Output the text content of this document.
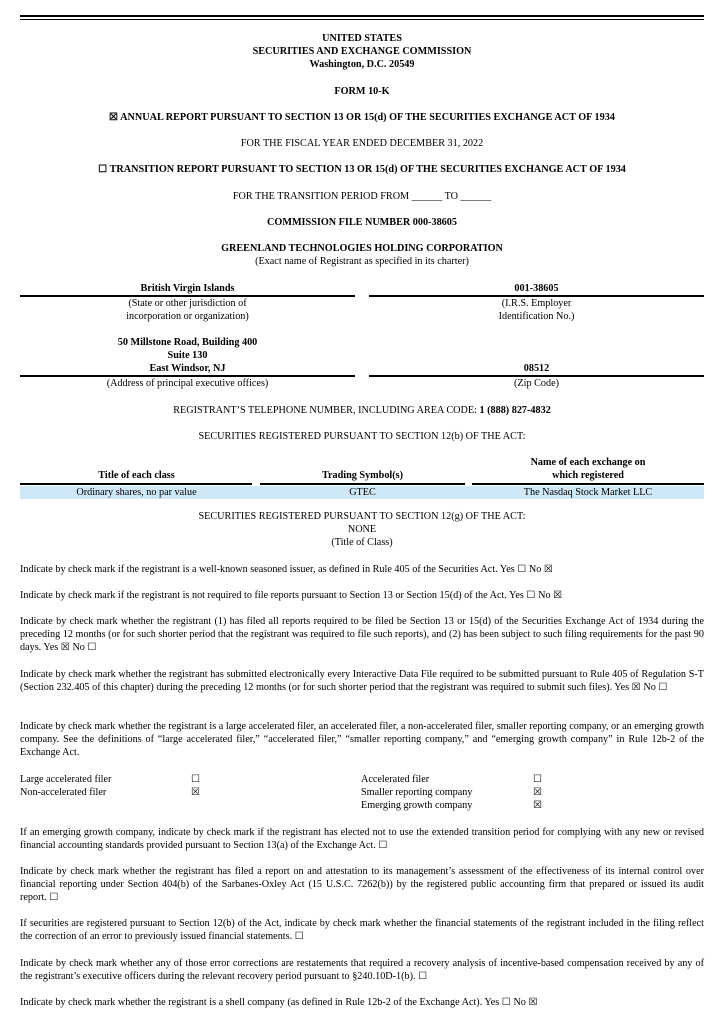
UNITED STATES
SECURITIES AND EXCHANGE COMMISSION
Washington, D.C. 20549
FORM 10-K
☒ ANNUAL REPORT PURSUANT TO SECTION 13 OR 15(d) OF THE SECURITIES EXCHANGE ACT OF 1934
FOR THE FISCAL YEAR ENDED DECEMBER 31, 2022
☐ TRANSITION REPORT PURSUANT TO SECTION 13 OR 15(d) OF THE SECURITIES EXCHANGE ACT OF 1934
FOR THE TRANSITION PERIOD FROM ______ TO ______
COMMISSION FILE NUMBER 000-38605
GREENLAND TECHNOLOGIES HOLDING CORPORATION
(Exact name of Registrant as specified in its charter)
British Virgin Islands
(State or other jurisdiction of
incorporation or organization)
001-38605
(I.R.S. Employer
Identification No.)
50 Millstone Road, Building 400
Suite 130
East Windsor, NJ
(Address of principal executive offices)
08512
(Zip Code)
REGISTRANT’S TELEPHONE NUMBER, INCLUDING AREA CODE: 1 (888) 827-4832
SECURITIES REGISTERED PURSUANT TO SECTION 12(b) OF THE ACT:
Title of each class	Trading Symbol(s)
Name of each exchange on
which registered
Ordinary shares, no par value	GTEC	The Nasdaq Stock Market LLC
SECURITIES REGISTERED PURSUANT TO SECTION 12(g) OF THE ACT:
NONE
(Title of Class)
Indicate by check mark if the registrant is a well-known seasoned issuer, as defined in Rule 405 of the Securities Act. Yes ☐ No ☒
Indicate by check mark if the registrant is not required to file reports pursuant to Section 13 or Section 15(d) of the Act. Yes ☐ No ☒
Indicate by check mark whether the registrant (1) has filed all reports required to be filed be Section 13 or 15(d) of the Securities Exchange Act of 1934 during the preceding 12 months (or for such shorter period that the registrant was required to file such reports), and (2) has been subject to such filing requirements for the past 90 days. Yes ☒ No ☐
Indicate by check mark whether the registrant has submitted electronically every Interactive Data File required to be submitted pursuant to Rule 405 of Regulation S-T (Section 232.405 of this chapter) during the preceding 12 months (or for such shorter period that the registrant was required to submit such files). Yes ☒ No ☐
Indicate by check mark whether the registrant is a large accelerated filer, an accelerated filer, a non-accelerated filer, smaller reporting company, or an emerging growth company. See the definitions of “large accelerated filer,” “accelerated filer,” “smaller reporting company,” and “emerging growth company” in Rule 12b-2 of the Exchange Act.
Large accelerated filer	☐
Non-accelerated filer	☒
Accelerated filer	☐
Smaller reporting company	☒
Emerging growth company	☒
If an emerging growth company, indicate by check mark if the registrant has elected not to use the extended transition period for complying with any new or revised financial accounting standards provided pursuant to Section 13(a) of the Exchange Act. ☐
Indicate by check mark whether the registrant has filed a report on and attestation to its management’s assessment of the effectiveness of its internal control over financial reporting under Section 404(b) of the Sarbanes-Oxley Act (15 U.S.C. 7262(b)) by the registered public accounting firm that prepared or issued its audit report. ☐
If securities are registered pursuant to Section 12(b) of the Act, indicate by check mark whether the financial statements of the registrant included in the filing reflect the correction of an error to previously issued financial statements. ☐
Indicate by check mark whether any of those error corrections are restatements that required a recovery analysis of incentive-based compensation received by any of the registrant’s executive officers during the relevant recovery period pursuant to §240.10D-1(b). ☐
Indicate by check mark whether the registrant is a shell company (as defined in Rule 12b-2 of the Exchange Act). Yes ☐ No ☒
